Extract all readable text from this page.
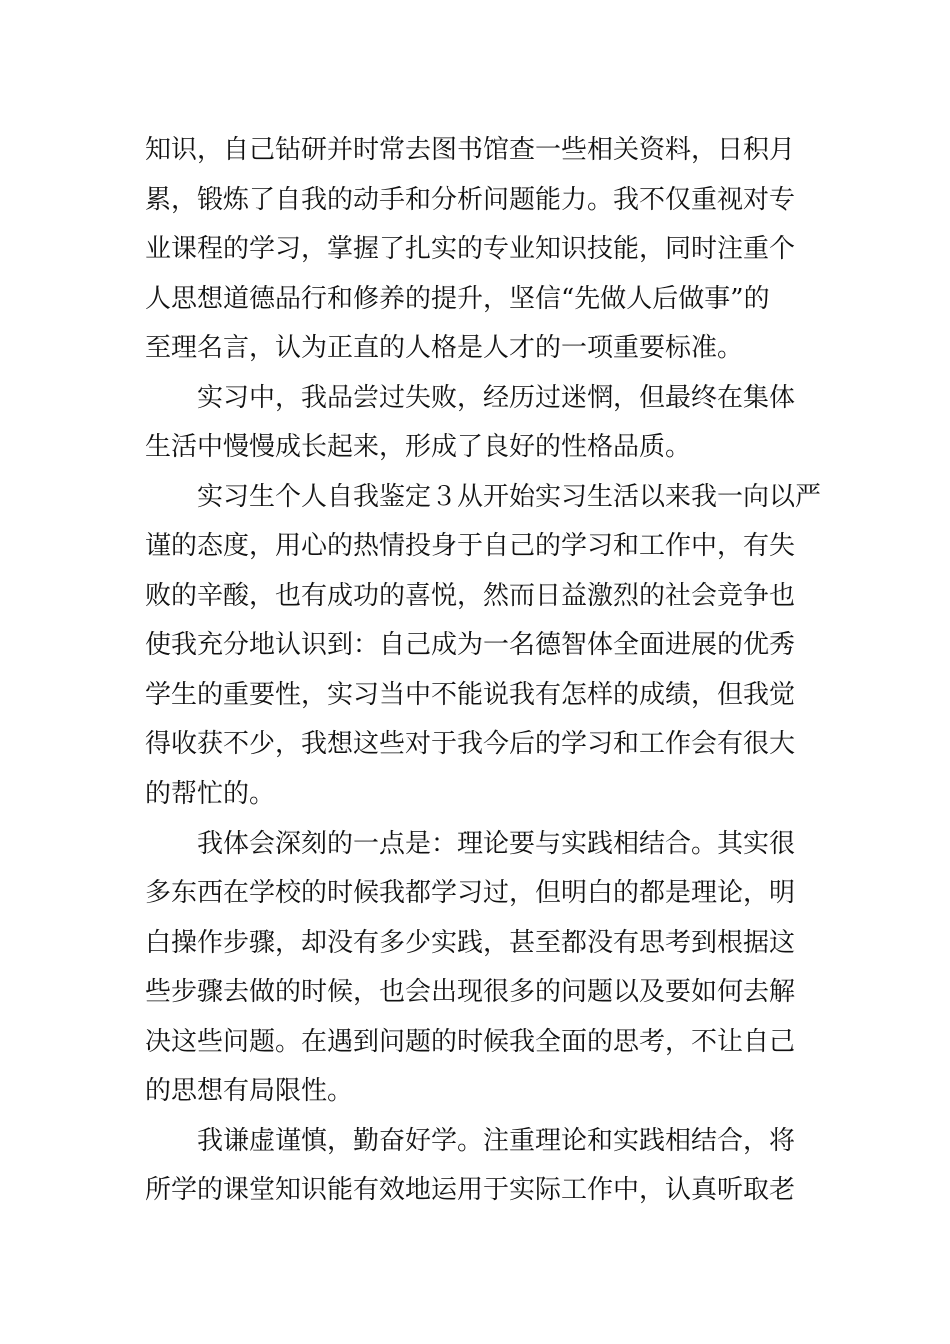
知识，自己钻研并时常去图书馆查一些相关资料，日积月

累，锻炼了自我的动手和分析问题能力。我不仅重视对专

业课程的学习，掌握了扎实的专业知识技能，同时注重个

人思想道德品行和修养的提升，坚信“先做人后做事”的

至理名言，认为正直的人格是人才的一项重要标准。

实习中，我品尝过失败，经历过迷惘，但最终在集体

生活中慢慢成长起来，形成了良好的性格品质。

实习生个人自我鉴定３从开始实习生活以来我一向以严

谨的态度，用心的热情投身于自己的学习和工作中，有失

败的辛酸，也有成功的喜悦，然而日益激烈的社会竞争也

使我充分地认识到：自己成为一名德智体全面进展的优秀

学生的重要性，实习当中不能说我有怎样的成绩，但我觉

得收获不少，我想这些对于我今后的学习和工作会有很大

的帮忙的。

我体会深刻的一点是：理论要与实践相结合。其实很

多东西在学校的时候我都学习过，但明白的都是理论，明

白操作步骤，却没有多少实践，甚至都没有思考到根据这

些步骤去做的时候，也会出现很多的问题以及要如何去解

决这些问题。在遇到问题的时候我全面的思考，不让自己

的思想有局限性。

我谦虚谨慎，勤奋好学。注重理论和实践相结合，将

所学的课堂知识能有效地运用于实际工作中，认真听取老
